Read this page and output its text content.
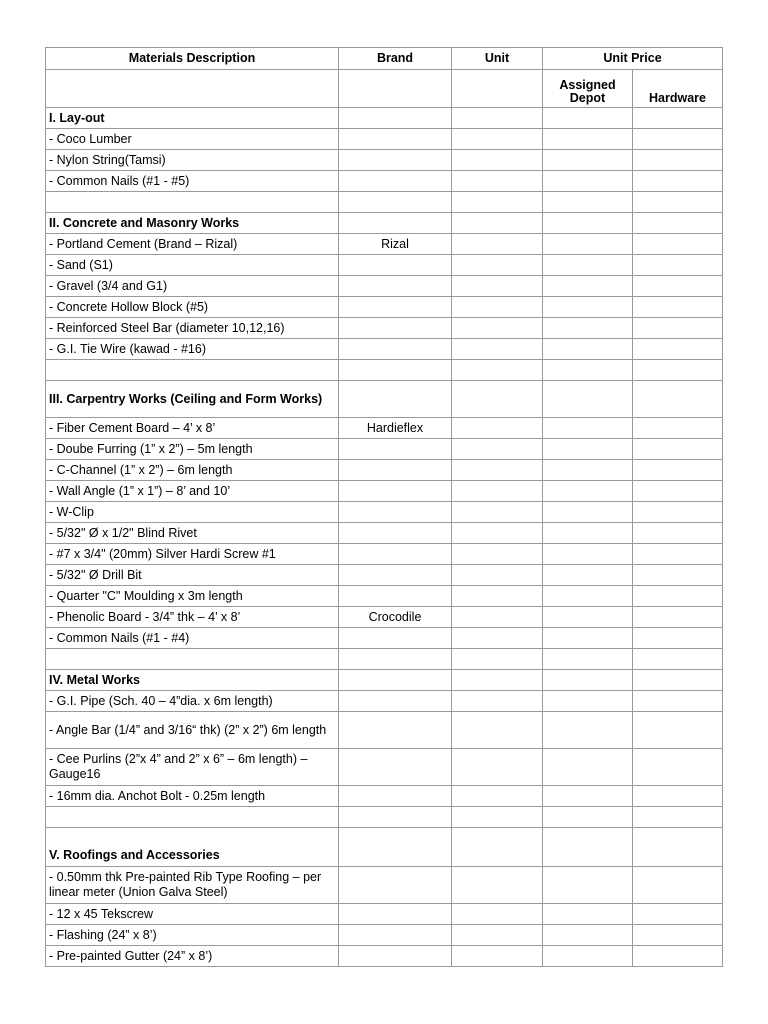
Materials Description	Brand	Unit	Unit Price	
			Assigned Depot	Hardware
I. Lay-out				
- Coco Lumber				
- Nylon String(Tamsi)				
- Common Nails (#1 - #5)				

II. Concrete and Masonry Works				
- Portland Cement (Brand – Rizal)	Rizal			
- Sand (S1)				
- Gravel (3/4 and G1)				
- Concrete Hollow Block (#5)				
- Reinforced Steel Bar (diameter 10,12,16)				
- G.I. Tie Wire (kawad - #16)				

III. Carpentry Works (Ceiling and Form Works)				
- Fiber Cement Board – 4’ x 8’	Hardieflex			
- Doube Furring (1” x 2”) – 5m length				
- C-Channel (1” x 2”) – 6m length				
- Wall Angle (1” x 1”) – 8’ and 10’				
- W-Clip				
- 5/32" Ø x 1/2" Blind Rivet				
- #7 x 3/4" (20mm) Silver Hardi Screw #1				
- 5/32" Ø Drill Bit				
- Quarter "C" Moulding x 3m length				
- Phenolic Board - 3/4” thk – 4’ x 8’	Crocodile			
- Common Nails (#1 - #4)				

IV. Metal Works				
- G.I. Pipe (Sch. 40 – 4”dia. x 6m length)				
- Angle Bar (1/4” and 3/16“ thk) (2” x 2”) 6m length				
- Cee Purlins (2”x 4” and 2” x 6” – 6m length) – Gauge16				
- 16mm dia. Anchot Bolt - 0.25m length				

V. Roofings and Accessories				
- 0.50mm thk Pre-painted Rib Type Roofing – per linear meter (Union Galva Steel)				
- 12 x 45 Tekscrew				
- Flashing (24” x 8’)				
- Pre-painted Gutter (24” x 8’)				
